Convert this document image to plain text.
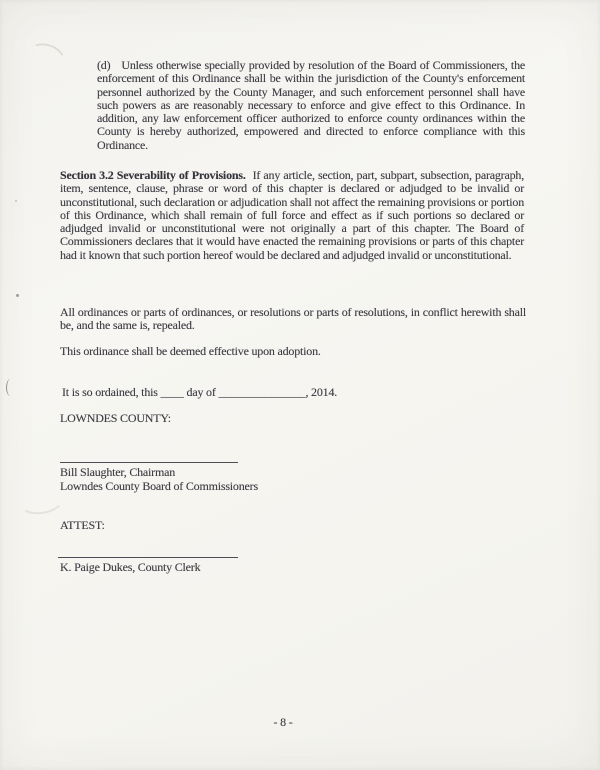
(d) Unless otherwise specially provided by resolution of the Board of Commissioners, the enforcement of this Ordinance shall be within the jurisdiction of the County's enforcement personnel authorized by the County Manager, and such enforcement personnel shall have such powers as are reasonably necessary to enforce and give effect to this Ordinance. In addition, any law enforcement officer authorized to enforce county ordinances within the County is hereby authorized, empowered and directed to enforce compliance with this Ordinance.

Section 3.2 Severability of Provisions. If any article, section, part, subpart, subsection, paragraph, item, sentence, clause, phrase or word of this chapter is declared or adjudged to be invalid or unconstitutional, such declaration or adjudication shall not affect the remaining provisions or portion of this Ordinance, which shall remain of full force and effect as if such portions so declared or adjudged invalid or unconstitutional were not originally a part of this chapter. The Board of Commissioners declares that it would have enacted the remaining provisions or parts of this chapter had it known that such portion hereof would be declared and adjudged invalid or unconstitutional.

All ordinances or parts of ordinances, or resolutions or parts of resolutions, in conflict herewith shall be, and the same is, repealed.

This ordinance shall be deemed effective upon adoption.

It is so ordained, this ____ day of _______________, 2014.

LOWNDES COUNTY:

Bill Slaughter, Chairman

Lowndes County Board of Commissioners

ATTEST:

K. Paige Dukes, County Clerk

- 8 -
